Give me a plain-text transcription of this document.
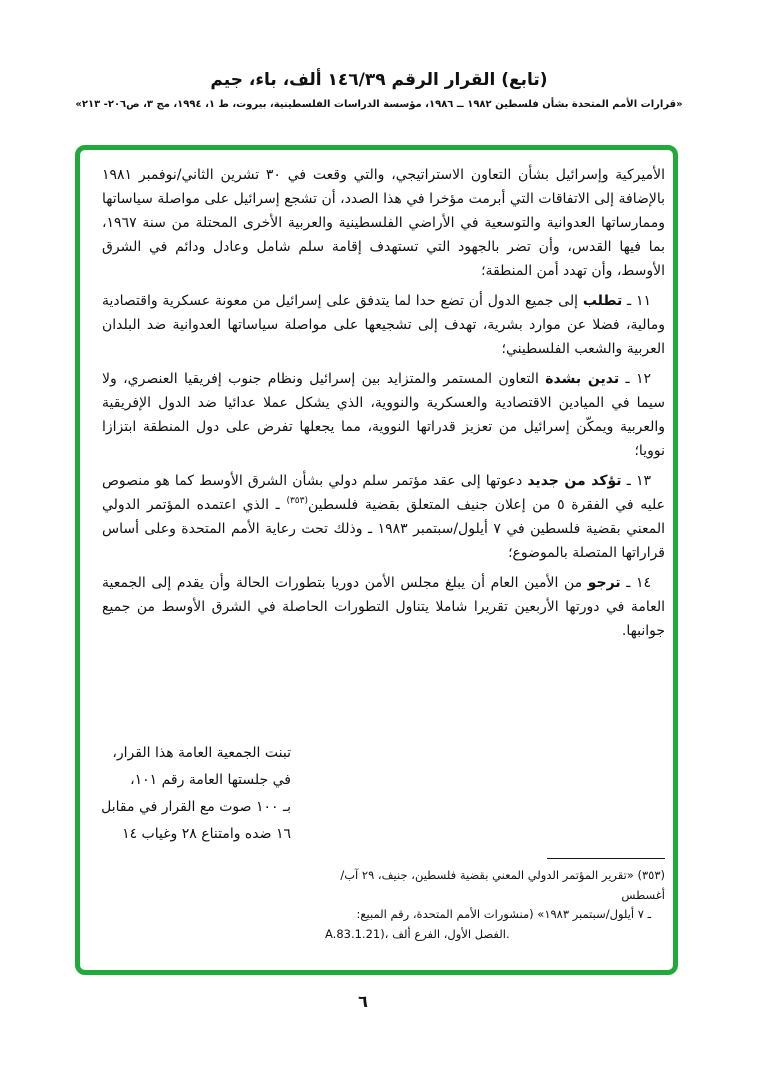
(تابع) القرار الرقم ١٤٦/٣٩ ألف، باء، جيم
«قرارات الأمم المتحدة بشأن فلسطين ١٩٨٢ ــ ١٩٨٦، مؤسسة الدراسات الفلسطينية، بيروت، ط ١، ١٩٩٤، مج ٣، ص٢٠٦- ٢١٣»

الأميركية وإسرائيل بشأن التعاون الاستراتيجي، والتي وقعت في ٣٠ تشرين الثاني/نوفمبر ١٩٨١ بالإضافة إلى الاتفاقات التي أبرمت مؤخرا في هذا الصدد، أن تشجع إسرائيل على مواصلة سياساتها وممارساتها العدوانية والتوسعية في الأراضي الفلسطينية والعربية الأخرى المحتلة من سنة ١٩٦٧، بما فيها القدس، وأن تضر بالجهود التي تستهدف إقامة سلم شامل وعادل ودائم في الشرق الأوسط، وأن تهدد أمن المنطقة؛

١١ ـ تطلب إلى جميع الدول أن تضع حدا لما يتدفق على إسرائيل من معونة عسكرية واقتصادية ومالية، فضلا عن موارد بشرية، تهدف إلى تشجيعها على مواصلة سياساتها العدوانية ضد البلدان العربية والشعب الفلسطيني؛

١٢ ـ تدين بشدة التعاون المستمر والمتزايد بين إسرائيل ونظام جنوب إفريقيا العنصري، ولا سيما في الميادين الاقتصادية والعسكرية والنووية، الذي يشكل عملا عدائيا ضد الدول الإفريقية والعربية ويمكّن إسرائيل من تعزيز قدراتها النووية، مما يجعلها تفرض على دول المنطقة ابتزازا نوويا؛

١٣ ـ تؤكد من جديد دعوتها إلى عقد مؤتمر سلم دولي بشأن الشرق الأوسط كما هو منصوص عليه في الفقرة ٥ من إعلان جنيف المتعلق بقضية فلسطين$^{(٣٥٣)}$ ـ الذي اعتمده المؤتمر الدولي المعني بقضية فلسطين في ٧ أيلول/سبتمبر ١٩٨٣ ـ وذلك تحت رعاية الأمم المتحدة وعلى أساس قراراتها المتصلة بالموضوع؛

١٤ ـ ترجو من الأمين العام أن يبلغ مجلس الأمن دوريا بتطورات الحالة وأن يقدم إلى الجمعية العامة في دورتها الأربعين تقريرا شاملا يتناول التطورات الحاصلة في الشرق الأوسط من جميع جوانبها.

تبنت الجمعية العامة هذا القرار،
في جلستها العامة رقم ١٠١،
بـ ١٠٠ صوت مع القرار في مقابل
١٦ ضده وامتناع ٢٨ وغياب ١٤
(٣٥٣) «تقرير المؤتمر الدولي المعني بقضية فلسطين، جنيف، ٢٩ آب/أغسطس
ـ ٧ أيلول/سبتمبر ١٩٨٣» (منشورات الأمم المتحدة، رقم المبيع:
A.83.1.21)، الفصل الأول، الفرع ألف.
٦
